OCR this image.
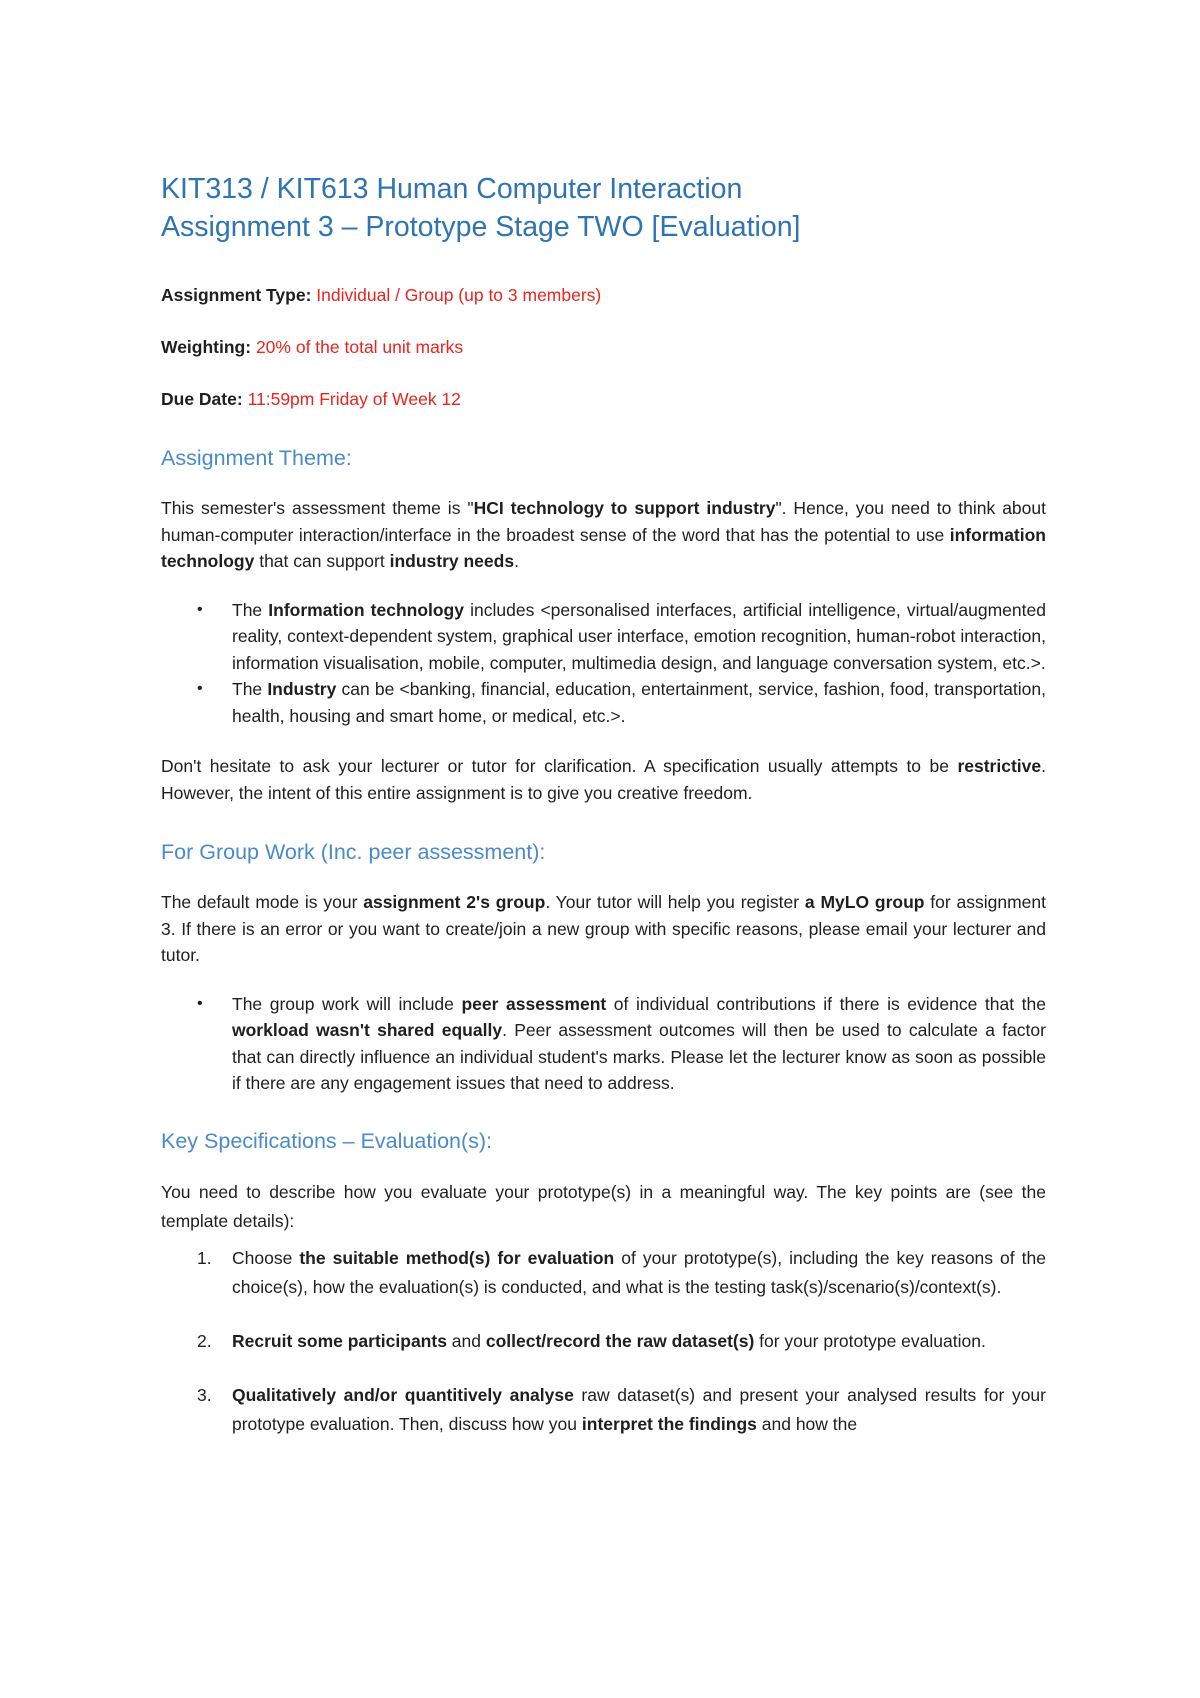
KIT313 / KIT613 Human Computer Interaction
Assignment 3 – Prototype Stage TWO [Evaluation]

Assignment Type: Individual / Group (up to 3 members)

Weighting: 20% of the total unit marks

Due Date: 11:59pm Friday of Week 12

Assignment Theme:

This semester's assessment theme is "HCI technology to support industry". Hence, you need to think about human-computer interaction/interface in the broadest sense of the word that has the potential to use information technology that can support industry needs.

• The Information technology includes <personalised interfaces, artificial intelligence, virtual/augmented reality, context-dependent system, graphical user interface, emotion recognition, human-robot interaction, information visualisation, mobile, computer, multimedia design, and language conversation system, etc.>.
• The Industry can be <banking, financial, education, entertainment, service, fashion, food, transportation, health, housing and smart home, or medical, etc.>.

Don't hesitate to ask your lecturer or tutor for clarification. A specification usually attempts to be restrictive. However, the intent of this entire assignment is to give you creative freedom.

For Group Work (Inc. peer assessment):

The default mode is your assignment 2's group. Your tutor will help you register a MyLO group for assignment 3. If there is an error or you want to create/join a new group with specific reasons, please email your lecturer and tutor.

• The group work will include peer assessment of individual contributions if there is evidence that the workload wasn't shared equally. Peer assessment outcomes will then be used to calculate a factor that can directly influence an individual student's marks. Please let the lecturer know as soon as possible if there are any engagement issues that need to address.
Key Specifications – Evaluation(s):

You need to describe how you evaluate your prototype(s) in a meaningful way. The key points are (see the template details):

1. Choose the suitable method(s) for evaluation of your prototype(s), including the key reasons of the choice(s), how the evaluation(s) is conducted, and what is the testing task(s)/scenario(s)/context(s).
2. Recruit some participants and collect/record the raw dataset(s) for your prototype evaluation.
3. Qualitatively and/or quantitively analyse raw dataset(s) and present your analysed results for your prototype evaluation. Then, discuss how you interpret the findings and how the
